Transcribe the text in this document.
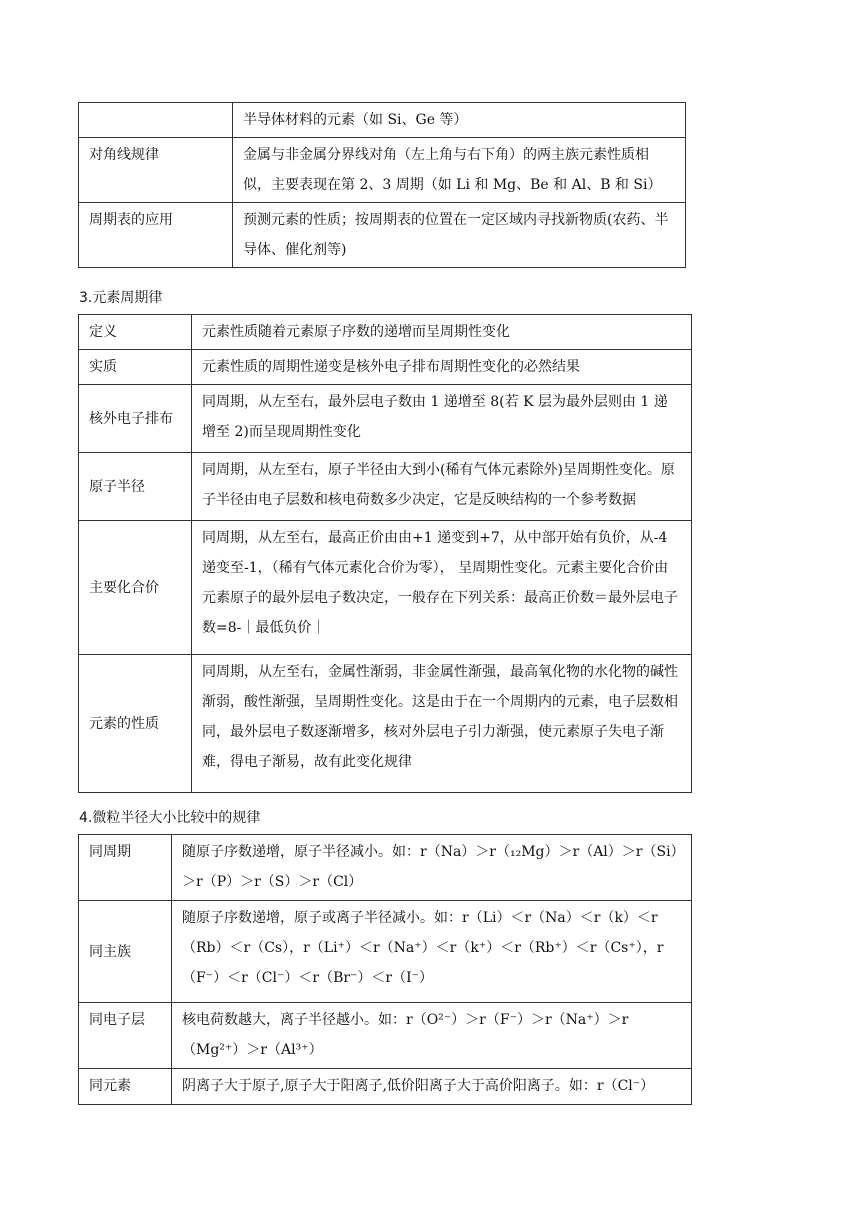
	半导体材料的元素（如 Si、Ge 等）
对角线规律	金属与非金属分界线对角（左上角与右下角）的两主族元素性质相似，主要表现在第 2、3 周期（如 Li 和 Mg、Be 和 Al、B 和 Si）
周期表的应用	预测元素的性质；按周期表的位置在一定区域内寻找新物质(农药、半导体、催化剂等)
3.元素周期律
定义	元素性质随着元素原子序数的递增而呈周期性变化
实质	元素性质的周期性递变是核外电子排布周期性变化的必然结果
核外电子排布	同周期，从左至右，最外层电子数由 1 递增至 8(若 K 层为最外层则由 1 递增至 2)而呈现周期性变化
原子半径	同周期，从左至右，原子半径由大到小(稀有气体元素除外)呈周期性变化。原子半径由电子层数和核电荷数多少决定，它是反映结构的一个参考数据
主要化合价	同周期，从左至右，最高正价由由+1 递变到+7，从中部开始有负价，从-4 递变至-1，（稀有气体元素化合价为零）， 呈周期性变化。元素主要化合价由元素原子的最外层电子数决定，一般存在下列关系：最高正价数＝最外层电子数=8-｜最低负价｜
元素的性质	同周期，从左至右，金属性渐弱，非金属性渐强，最高氧化物的水化物的碱性渐弱，酸性渐强，呈周期性变化。这是由于在一个周期内的元素，电子层数相同，最外层电子数逐渐增多，核对外层电子引力渐强，使元素原子失电子渐难，得电子渐易，故有此变化规律
4.微粒半径大小比较中的规律
同周期	随原子序数递增，原子半径减小。如：r（Na）＞r（₁₂Mg）＞r（Al）＞r（Si）＞r（P）＞r（S）＞r（Cl）
同主族	随原子序数递增，原子或离子半径减小。如：r（Li）＜r（Na）＜r（k）＜r（Rb）＜r（Cs），r（Li⁺）＜r（Na⁺）＜r（k⁺）＜r（Rb⁺）＜r（Cs⁺），r（F⁻）＜r（Cl⁻）＜r（Br⁻）＜r（I⁻）
同电子层	核电荷数越大，离子半径越小。如：r（O²⁻）＞r（F⁻）＞r（Na⁺）＞r（Mg²⁺）＞r（Al³⁺）
同元素	阴离子大于原子,原子大于阳离子,低价阳离子大于高价阳离子。如：r（Cl⁻）
